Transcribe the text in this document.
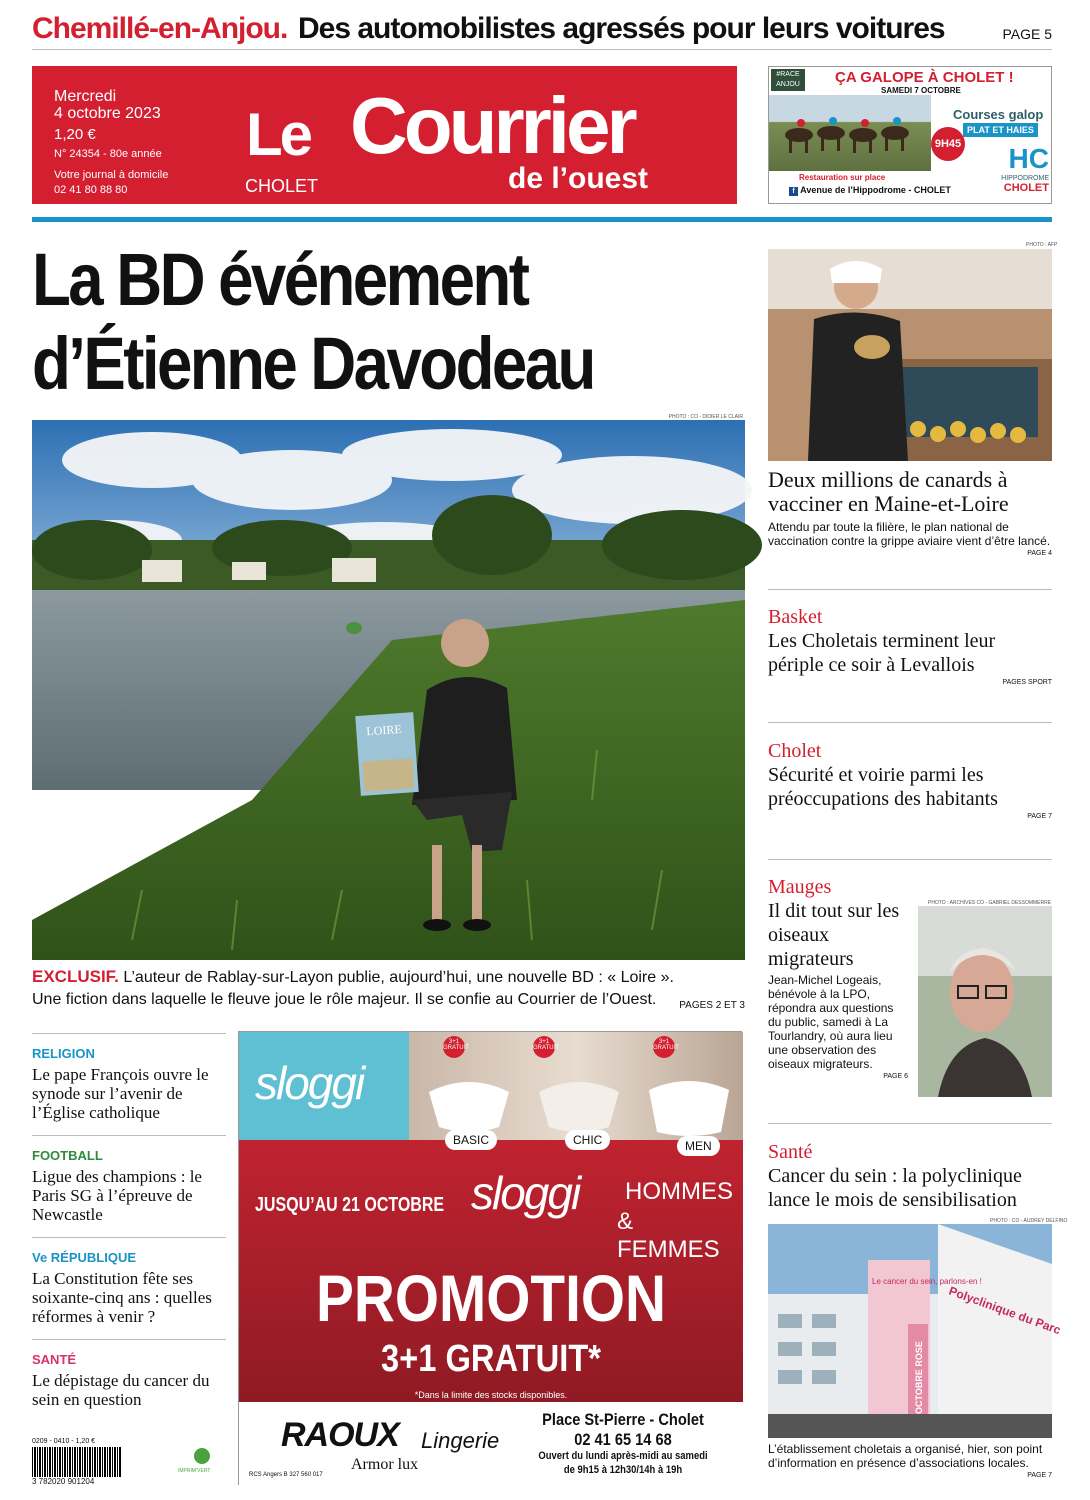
Chemillé-en-Anjou. Des automobilistes agressés pour leurs voitures	PAGE 5
Mercredi
4 octobre 2023
1,20 €
N° 24354 - 80e année
Votre journal à domicile
02 41 80 88 80
Le Courrier
de l’ouest
CHOLET
ÇA GALOPE À CHOLET !
SAMEDI 7 OCTOBRE
#RACE ANJOU
Courses galop
PLAT ET HAIES
9H45
Restauration sur place
f Avenue de l’Hippodrome - CHOLET
HC
HIPPODROME
CHOLET
La BD événement
d’Étienne Davodeau
LOIRE
PHOTO : CO - DIDIER LE CLAIR
EXCLUSIF. L’auteur de Rablay-sur-Layon publie, aujourd’hui, une nouvelle BD : « Loire ».
Une fiction dans laquelle le fleuve joue le rôle majeur. Il se confie au Courrier de l’Ouest. PAGES 2 ET 3
RELIGION
Le pape François ouvre le synode sur l’avenir de l’Église catholique
FOOTBALL
Ligue des champions : le Paris SG à l’épreuve de Newcastle
Ve RÉPUBLIQUE
La Constitution fête ses soixante-cinq ans : quelles réformes à venir ?
SANTÉ
Le dépistage du cancer du sein en question
0209 - 0410 - 1,20 €
3 782020 901204
IMPRIM’VERT
sloggi
3+1 GRATUIT
3+1 GRATUIT
3+1 GRATUIT
BASIC	CHIC	MEN
JUSQU’AU 21 OCTOBRE sloggi HOMMES
& FEMMES
PROMOTION
3+1 GRATUIT*
*Dans la limite des stocks disponibles.
RAOUX Lingerie
Armor lux
RCS Angers B 327 560 017
Place St-Pierre - Cholet
02 41 65 14 68
Ouvert du lundi après-midi au samedi
de 9h15 à 12h30/14h à 19h
PHOTO : AFP
Deux millions de canards à vacciner en Maine-et-Loire
Attendu par toute la filière, le plan national de vaccination contre la grippe aviaire vient d’être lancé.
PAGE 4
Basket
Les Choletais terminent leur périple ce soir à Levallois
PAGES SPORT
Cholet
Sécurité et voirie parmi les préoccupations des habitants
PAGE 7
Mauges
Il dit tout sur les oiseaux migrateurs
Jean-Michel Logeais, bénévole à la LPO, répondra aux questions du public, samedi à La Tourlandry, où aura lieu une observation des oiseaux migrateurs.
PAGE 6
PHOTO : ARCHIVES CO - GABRIEL DESSOMMERRE
Santé
Cancer du sein : la polyclinique lance le mois de sensibilisation
PHOTO : CO - AUDREY DELFINO
Le cancer du sein, parlons-en !
Polyclinique du Parc
OCTOBRE ROSE
L’établissement choletais a organisé, hier, son point d’information en présence d’associations locales.
PAGE 7
